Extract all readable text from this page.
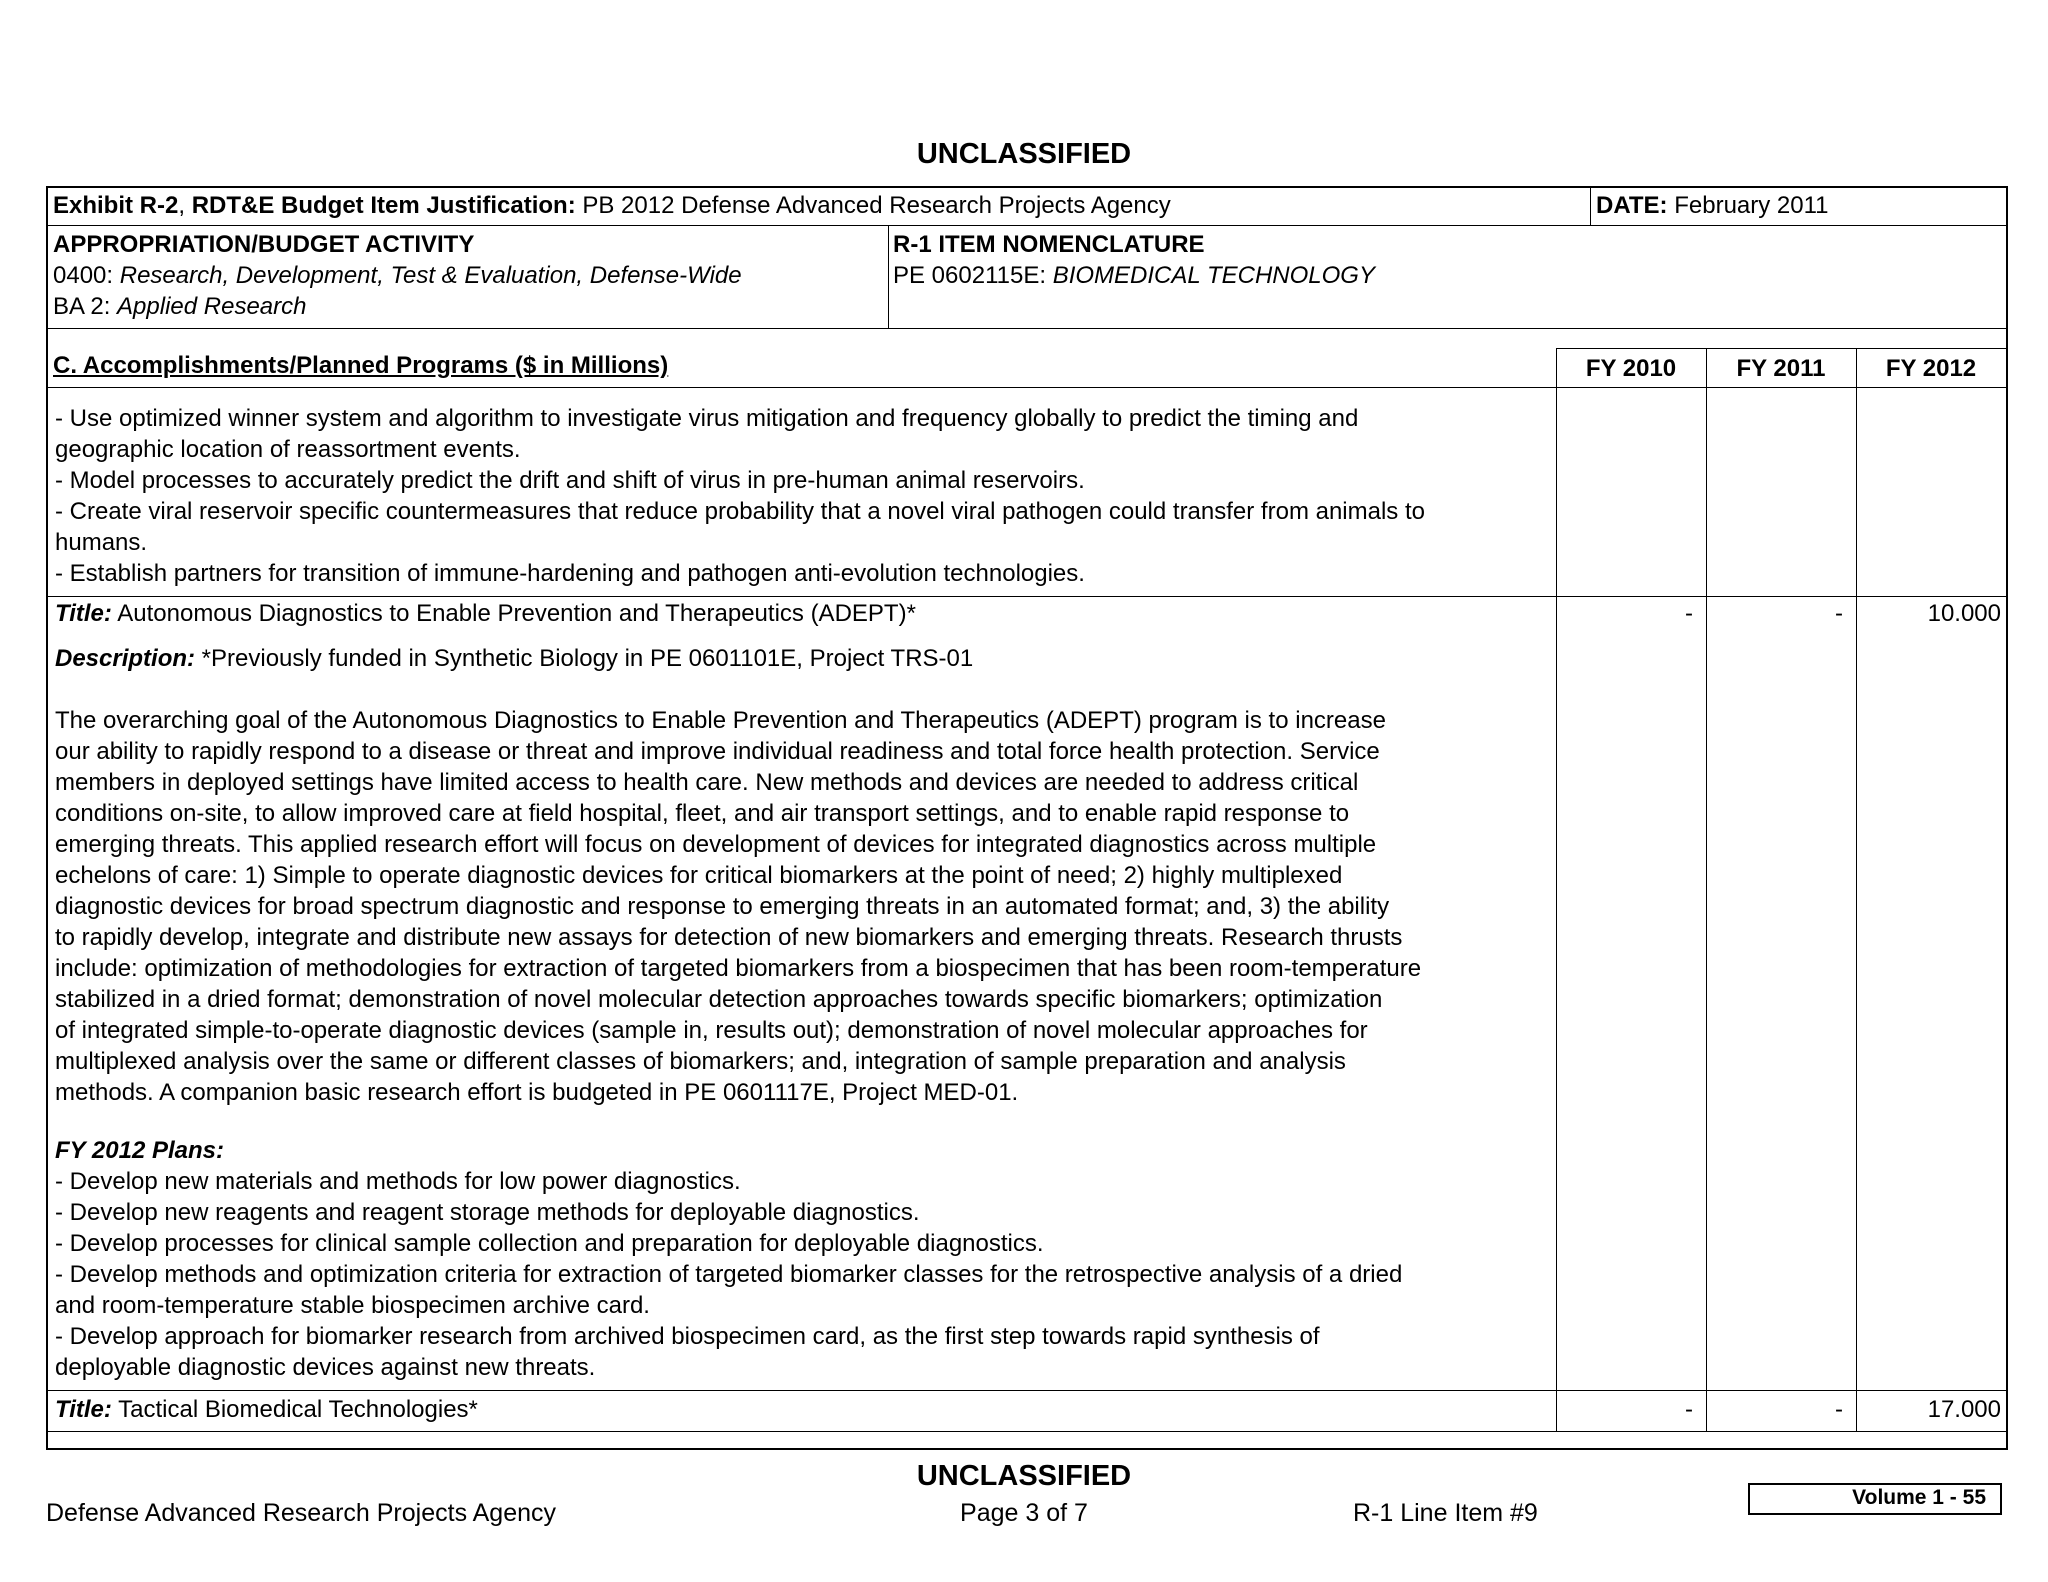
UNCLASSIFIED
Exhibit R-2, RDT&E Budget Item Justification: PB 2012 Defense Advanced Research Projects Agency	DATE: February 2011
APPROPRIATION/BUDGET ACTIVITY
0400: Research, Development, Test & Evaluation, Defense-Wide
BA 2: Applied Research
R-1 ITEM NOMENCLATURE
PE 0602115E: BIOMEDICAL TECHNOLOGY
C. Accomplishments/Planned Programs ($ in Millions)	FY 2010	FY 2011	FY 2012
- Use optimized winner system and algorithm to investigate virus mitigation and frequency globally to predict the timing and
geographic location of reassortment events.
- Model processes to accurately predict the drift and shift of virus in pre-human animal reservoirs.
- Create viral reservoir specific countermeasures that reduce probability that a novel viral pathogen could transfer from animals to
humans.
- Establish partners for transition of immune-hardening and pathogen anti-evolution technologies.
Title: Autonomous Diagnostics to Enable Prevention and Therapeutics (ADEPT)*	-	-	10.000
Description: *Previously funded in Synthetic Biology in PE 0601101E, Project TRS-01
The overarching goal of the Autonomous Diagnostics to Enable Prevention and Therapeutics (ADEPT) program is to increase
our ability to rapidly respond to a disease or threat and improve individual readiness and total force health protection. Service
members in deployed settings have limited access to health care. New methods and devices are needed to address critical
conditions on-site, to allow improved care at field hospital, fleet, and air transport settings, and to enable rapid response to
emerging threats. This applied research effort will focus on development of devices for integrated diagnostics across multiple
echelons of care: 1) Simple to operate diagnostic devices for critical biomarkers at the point of need; 2) highly multiplexed
diagnostic devices for broad spectrum diagnostic and response to emerging threats in an automated format; and, 3) the ability
to rapidly develop, integrate and distribute new assays for detection of new biomarkers and emerging threats. Research thrusts
include: optimization of methodologies for extraction of targeted biomarkers from a biospecimen that has been room-temperature
stabilized in a dried format; demonstration of novel molecular detection approaches towards specific biomarkers; optimization
of integrated simple-to-operate diagnostic devices (sample in, results out); demonstration of novel molecular approaches for
multiplexed analysis over the same or different classes of biomarkers; and, integration of sample preparation and analysis
methods. A companion basic research effort is budgeted in PE 0601117E, Project MED-01.
FY 2012 Plans:
- Develop new materials and methods for low power diagnostics.
- Develop new reagents and reagent storage methods for deployable diagnostics.
- Develop processes for clinical sample collection and preparation for deployable diagnostics.
- Develop methods and optimization criteria for extraction of targeted biomarker classes for the retrospective analysis of a dried
and room-temperature stable biospecimen archive card.
- Develop approach for biomarker research from archived biospecimen card, as the first step towards rapid synthesis of
deployable diagnostic devices against new threats.
Title: Tactical Biomedical Technologies*	-	-	17.000
UNCLASSIFIED
Defense Advanced Research Projects Agency	Page 3 of 7	R-1 Line Item #9
Volume 1 - 55
